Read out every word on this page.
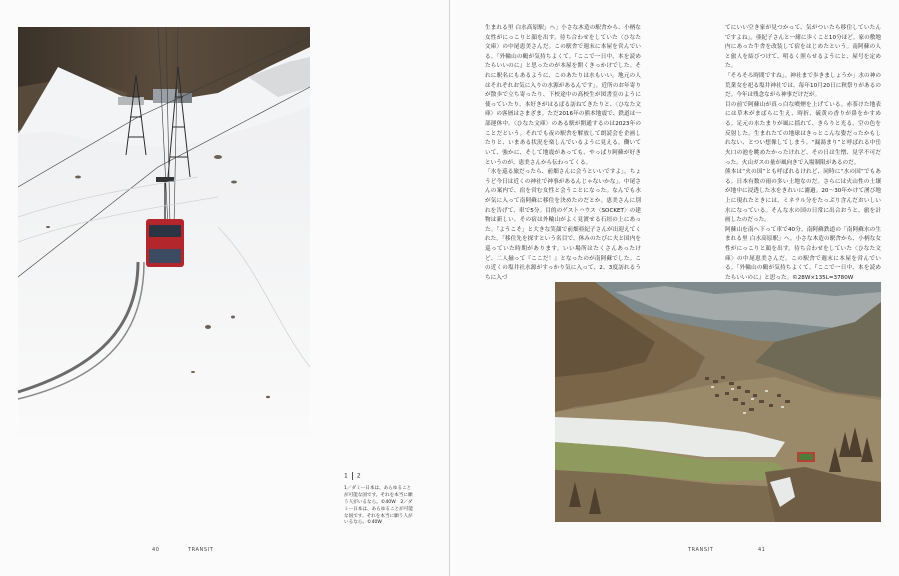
1 2
1／ダミー日本は、あらゆることが可能な国です。それを本当に願う人がいるなら。©40W　2／ダミー日本は、あらゆることが可能な国です。それを本当に願う人がいるなら。©40W
40	TRANSIT

生まれる里 白水高原駅」へ」小さな木造の駅舎から、小柄な女性がにっこりと顔を出す。待ち合わせをしていた〈ひなた文庫〉の中尾恵美さんだ。この駅舎で週末に本屋を営んでいる。「外輪山の鶴が気持ちよくて。『ここで一日中、本を読めたらいいのに』と思ったのが本屋を開くきっかけでした。それに駅名にもあるように、このあたりは水もいい。地元の人はそれぞれお気に入りの水源があるんです」。近所のお年寄りが散歩で立ち寄ったり、下校途中の高校生が図書室のように使っていたり、本好きがはるばる訪ねてきたりと、〈ひなた文庫〉の客層はさまざま。ただ2016年の熊本地震で、鉄道は一部運休中。〈ひなた文庫〉のある駅が開通するのは2023年のことだという。それでも夜の駅舎を解放して朗読会を企画したりと、いまある状況を楽しんでいるように見える。働いていて、強かに、そして地震があっても、やっぱり阿蘇が好きというのが、恵美さんから伝わってくる。

「水を巡る旅だったら、前畑さんに会うといいですよ」。ちょうど今日は近くの神社で神事があるんじゃないかな」。中尾さんの案内で、宿を営む女性と会うことになった。なんでも水が気に入って南阿蘇に移住を決めたのだとか。恵美さんに別れを告げて、車で5分。目的のゲストハウス〈SOCKET〉の建物は新しい。その宿は外輪山がよく見渡せる石垣の上にあった。「ようこそ」と大きな笑顔で前畑亜紀子さんが出迎えてくれた。「移住先を探すという名目で、休みのたびに夫と国内を巡っていた時期があります。いい場所はたくさんあったけど、二人揃って『ここだ！』となったのが南阿蘇でした。この近くの塩井社水源がすっかり気に入って、2、3度訪れるうちに入づ

てにいい空き家が見つかって、気がついたら移住していたんですよね」。亜紀子さんと一緒に歩くこと10分ほど。家の敷地内にあった牛舎を改装して宿をはじめたという。南阿蘇の人と旅人を結びつけて、明るく照らせるようにと、屋号を定めた。

「そろそろ時間ですね」。神社まで歩きましょうか」水の神の荒業女を祀る塩井神社では、毎年10月20日に秋祭りがあるのだ。今年は残念ながら神事だけだが。

目の前で阿蘇山が真っ白な噴煙を上げている。赤茶けた地表には草木がまばらに生え、時折、硫黄の香りが鼻をかすめる。足元の水たまりが風に揺れて、きらりと光る。空の色を反射した。生まれたての地球はきっとこんな姿だったかもしれない、とつい想像してしまう。“漏湯まり”と呼ばれる中岳火口の池を眺めたかったけれど、その日は生憎、見学不可だった。火山ガスの量が風向きで入場制限があるのだ。

熊本は“火の国”とも呼ばれるけれど、同時に“水の国”でもある。日本有数の雨の多い土地なのだ。さらには火山性の土壌が地中に浸透した水をきれいに濾過。20〜30年かけて湧び地上に現れたときには、ミネラル分をたっぷり含んだおいしい水になっている。そんな水の国の日常に出合おうと、旅を計画したのだった。

阿蘇山を南へ下って車で40分。南阿蘇鉄道の「南阿蘇水の生まれる里 白水高原駅」へ。小さな木造の駅舎から、小柄な女性がにっこりと顔を出す。待ち合わせをしていた〈ひなた文庫〉の中尾恵美さんだ。この駅舎で週末に本屋を営んでいる。「外輪山の鶴が気持ちよくて。『ここで一日中、本を読めたらいいのに』と思った。©28W×135L=3780W

TRANSIT	41
